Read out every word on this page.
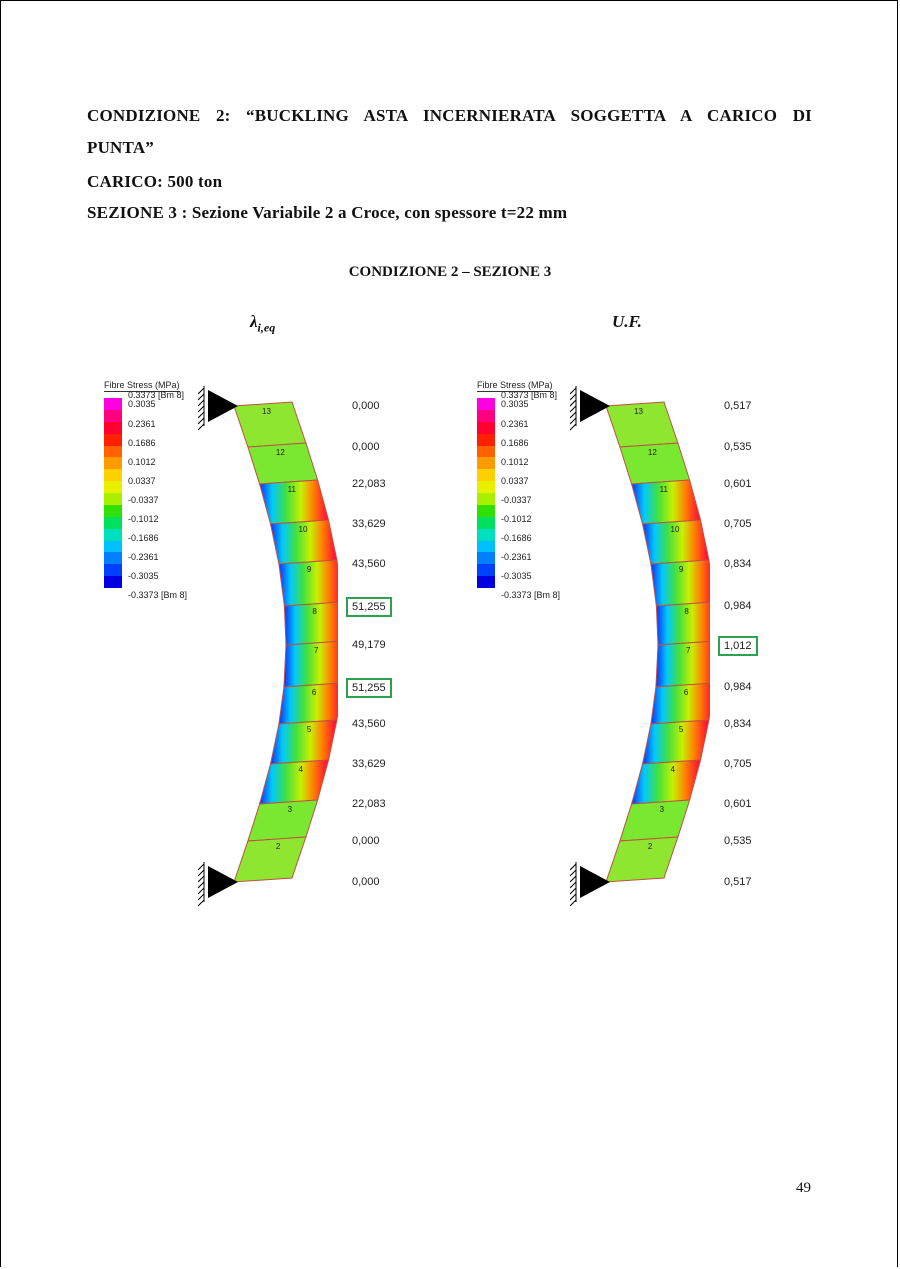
CONDIZIONE 2: “BUCKLING ASTA INCERNIERATA SOGGETTA A CARICO DI
PUNTA”
CARICO: 500 ton
SEZIONE 3 : Sezione Variabile 2 a Croce, con spessore t=22 mm
CONDIZIONE 2 – SEZIONE 3
$\lambda_{i,eq}$	U.F.
Fibre Stress (MPa)
0.3373 [Bm 8]
0.3035
0.2361
0.1686
0.1012
0.0337
-0.0337
-0.1012
-0.1686
-0.2361
-0.3035
-0.3373 [Bm 8]
Fibre Stress (MPa)
0.3373 [Bm 8]
0.3035
0.2361
0.1686
0.1012
0.0337
-0.0337
-0.1012
-0.1686
-0.2361
-0.3035
-0.3373 [Bm 8]
13
12
11
10
9
8
7
6
5
4
3
2
13
12
11
10
9
8
7
6
5
4
3
2
0,000
0,000
22,083
33,629
43,560
51,255
49,179
51,255
43,560
33,629
22,083
0,000
0,000
0,517
0,535
0,601
0,705
0,834
0,984
1,012
0,984
0,834
0,705
0,601
0,535
0,517
49
